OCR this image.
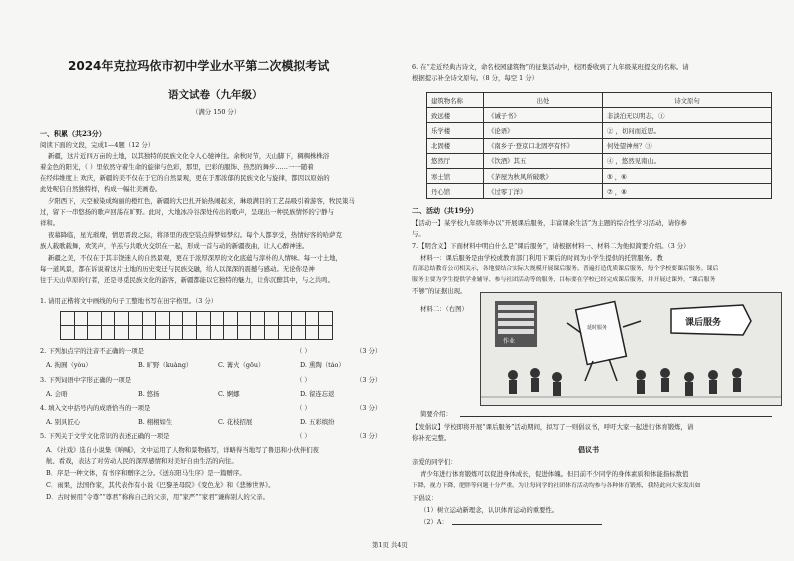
2024年克拉玛依市初中学业水平第二次模拟考试
语文试卷（九年级）
（满分 150 分）
一、积累（共23分）
阅读下面的文段，完成1—4题（12 分）
新疆，这片近四万亩的土地，以其独特的民族文化令人心驰神往。余秋时节，天山脚下，稠稠株株浴
着金色的阳光，（ ）里依然守着生命的旋律与色彩，那里，巴彩的服饰、热烈的舞步……一一随着
在经纬维度上 欢庆，新疆的美不仅在于它的自然景观，更在于那浓郁的民族文化与旋律，都因以原始的
此处呢信自然独特样，构成一幅壮美画卷。
夕阳西下，天空被染成绚丽的橙红色，新疆的大巴扎开始热闹起来，琳琅满目的工艺品吸引着游客，牧民策马
过，留下一串悠扬的歌声回荡在旷野。此时，大地冰冷谷深处传出的歌声，呈现出一种民族情怀的宁静与
祥和。
夜幕降临，星光璀璨，情思晋段之际，将泽里的夜空装点得梦如梦幻。每个人都享受，热情好客的哈萨克
族人载歌载舞，欢笑声，羊羔与共歌火交织在一起，形成一首与动的新疆夜曲，让人心醉神迷。
新疆之美，不仅在于其丰饶迷人的自然景观，更在于浓厚深厚的文化底蕴与淳朴的人情味。每一寸土地，
每一道风景，都在诉说着这片土地的历史变迁与民族交融，给人以深深的震撼与感动。无论你是神
往于天山草原的行者，还是寻觅民族文化的游客，新疆都能以它独特的魅力，让你沉醉其中，与之共鸣。
1. 请用正楷将文中画线的句子工整地书写在田字格里。（3 分）

2. 下列加点字的注音不正确的一项是	（ ）	（3 分）
A. 拘囿（yòu）	B. 旷野（kuàng）	C. 篝火（gōu）	D. 熏陶（táo）
3. 下列词语中字形正确的一项是	（ ）	（3 分）
A. 会晤	B. 悠扬	C. 婀娜	D. 留连忘返
4. 填入文中括号内的成语恰当的一项是	（ ）	（3 分）
A. 别具匠心	B. 栩栩如生	C. 花枝招展	D. 五彩缤纷
5. 下列关于文学文化常识的表述正确的一项是	（ ）	（3 分）
A．《社戏》选自小说集《呐喊》，文中运用了人物和景物描写，详略得当地写了鲁迅和小伙伴们夜
航、看戏，表达了对劳动人民的深厚感情和对美好自由生活的向往。
B．序是一种文体，有书序和赠序之分。《送东阳马生序》是一篇赠序。
C．雨果，法国作家，其代表作有小说《巴黎圣母院》《变色龙》和《悲惨世界》。
D．古时候用“令尊”“尊君”称称自己的父亲，用“家严”“家君”谦称别人的父亲。
6. 在“走近经典古诗文，命名校园建筑物”的征集活动中，校团委收到了九年级某班提交的名称。请
根据提示补全诗文原句。（8 分，每空 1 分）
建筑物名称	出处	诗文原句
致远楼	《诫子书》	非淡泊无以明志，①
乐学楼	《论语》	② ，切问而近思。
北固楼	《南乡子·登京口北固亭有怀》	何处望神州？③
悠然厅	《饮酒》其五	④ ，悠然见南山。
寒士馆	《茅屋为秋风所破歌》	⑤ ，⑥
丹心馆	《过零丁洋》	⑦ ，⑧
二、活动（共19分）
【活动一】某学校九年级举办以“开展课后服务，丰富课余生活”为主题的综合性学习活动，请你参
与。
7.【明含义】下面材料中明白什么是“课后服务”，请根据材料一、材料二为他拟简要介绍。（3 分）
材料一：课后服务是由学校或教育部门利用下课后的时间为小学生提供的托管服务。教
育部总结教育公司相关示，各地要结合实际大规模开展课后服务。普遍打造优质课后服务，每个学校要课后服务。课后
服务主要为学生提供学业辅导、参与社团活动等的服务，目标要在学校已经完成课后服务，并开展过课外，“课后服务
不够”的证据出现。
材料二：（右图）
作业
延时服务	课后服务
简要介绍：
【发倡议】学校即将开展“课后服务”活动期间，拟写了一则倡议书，呼吁大家一起进行体育锻炼，请
你补充完整。
倡议书
亲爱的同学们：
青少年进行体育锻炼可以促进身体成长，促进体魄。但目前不少同学的身体素质和体能指标数值
下降，视力下降，肥胖等问题十分严重。为让每同学的社团体育活动均参与各种体育锻炼，我特此向大家发出如
下倡议：
（1）树立运动新理念，认识体育运动的重要性。
（2）A：
第1页 共4页
